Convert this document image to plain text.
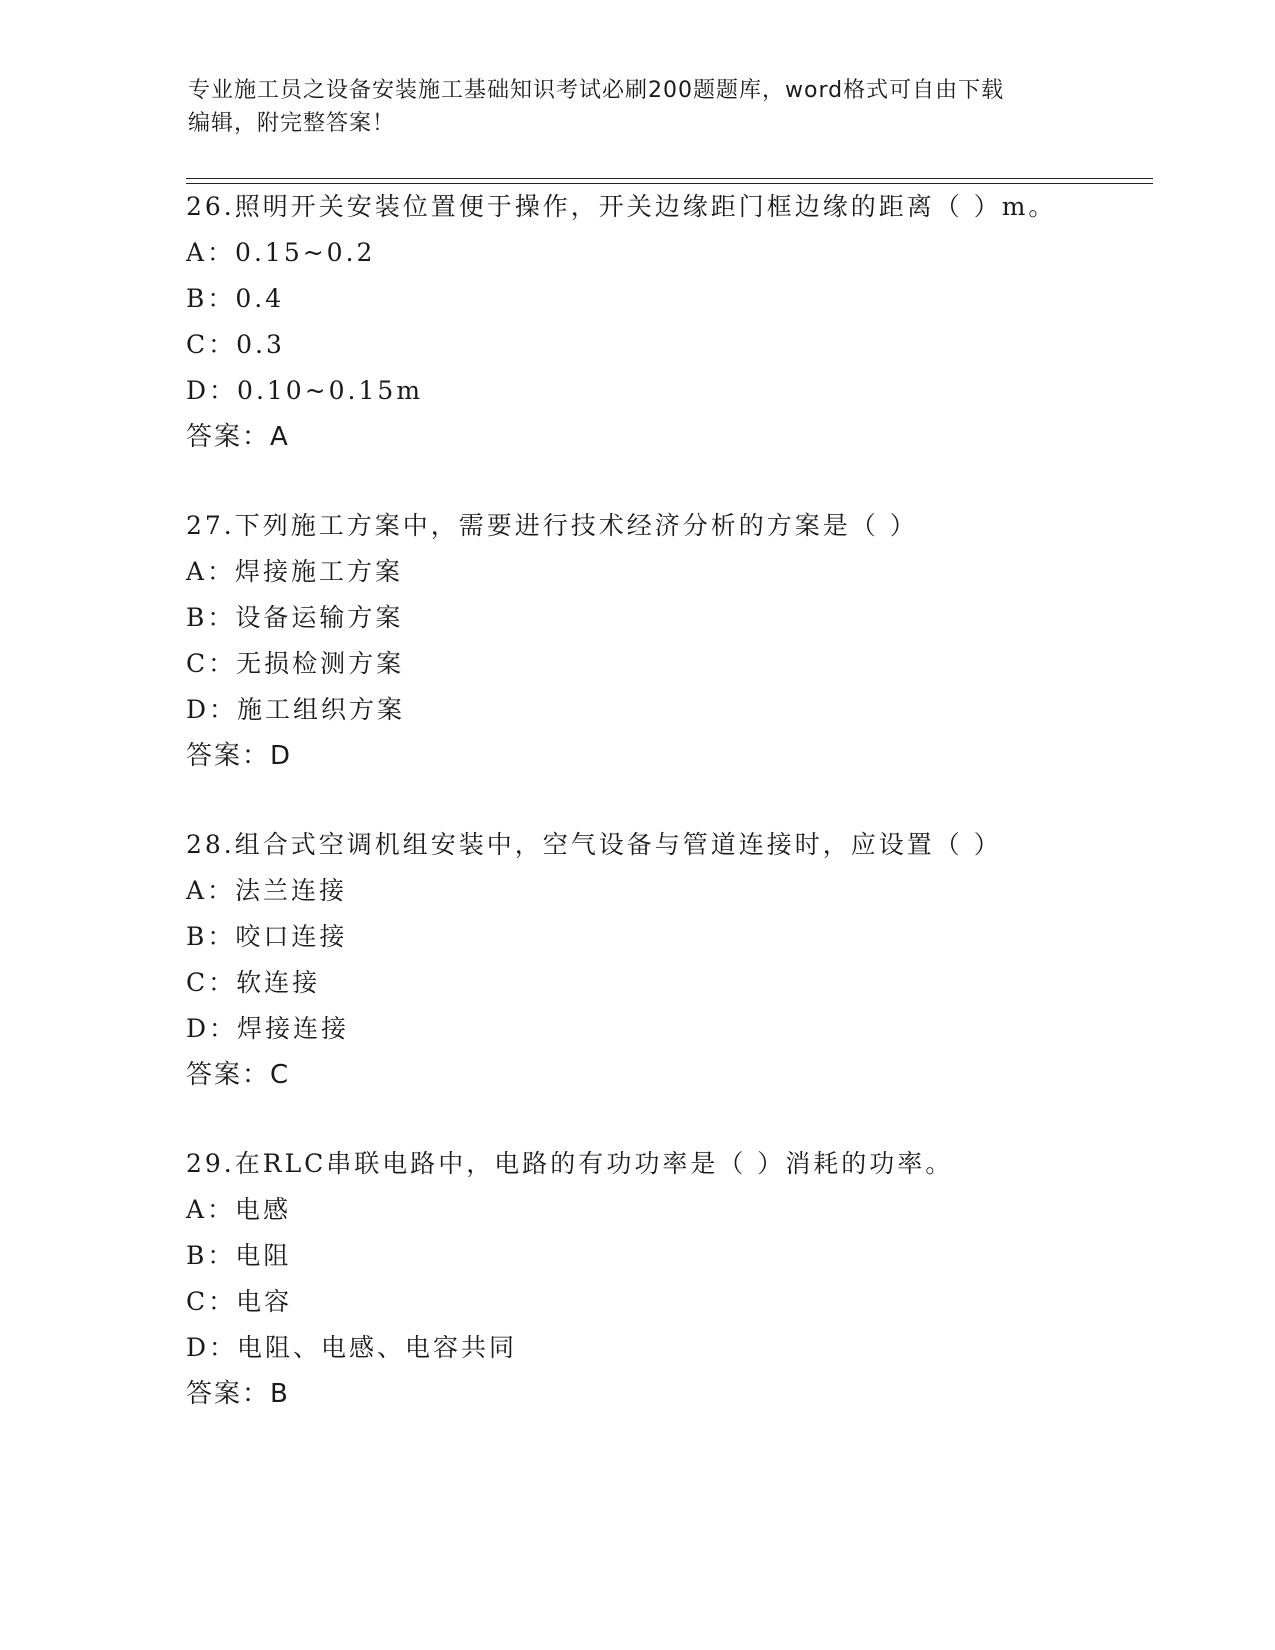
专业施工员之设备安装施工基础知识考试必刷200题题库，word格式可自由下载
编辑，附完整答案！
26.照明开关安装位置便于操作，开关边缘距门框边缘的距离（ ）m。
A：0.15~0.2
B：0.4
C：0.3
D：0.10~0.15m
答案：A
27.下列施工方案中，需要进行技术经济分析的方案是（ ）
A：焊接施工方案
B：设备运输方案
C：无损检测方案
D：施工组织方案
答案：D
28.组合式空调机组安装中，空气设备与管道连接时，应设置（ ）
A：法兰连接
B：咬口连接
C：软连接
D：焊接连接
答案：C
29.在RLC串联电路中，电路的有功功率是（ ）消耗的功率。
A：电感
B：电阻
C：电容
D：电阻、电感、电容共同
答案：B
